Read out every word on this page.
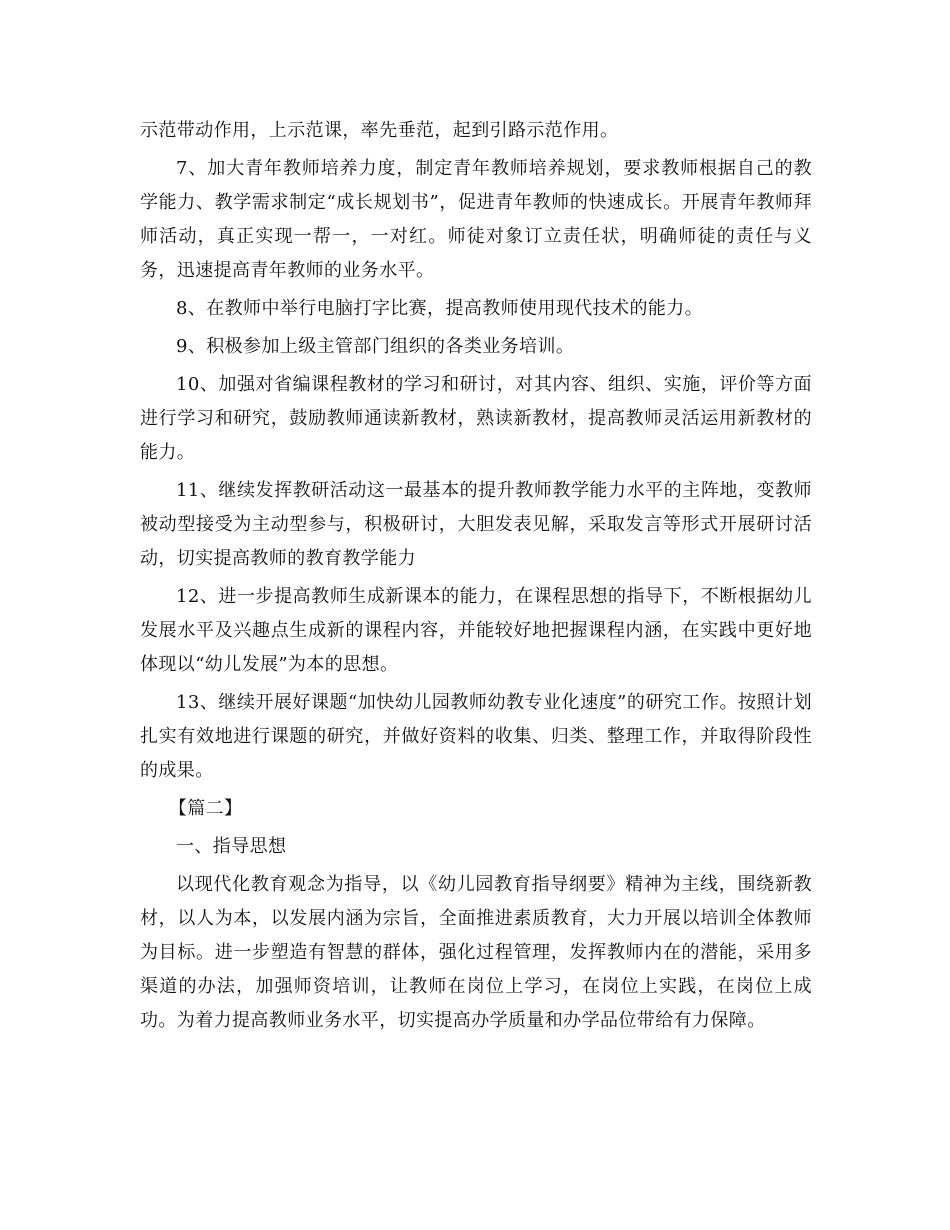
示范带动作用，上示范课，率先垂范，起到引路示范作用。

7、加大青年教师培养力度，制定青年教师培养规划，要求教师根据自己的教学能力、教学需求制定“成长规划书”，促进青年教师的快速成长。开展青年教师拜师活动，真正实现一帮一，一对红。师徒对象订立责任状，明确师徒的责任与义务，迅速提高青年教师的业务水平。

8、在教师中举行电脑打字比赛，提高教师使用现代技术的能力。

9、积极参加上级主管部门组织的各类业务培训。

10、加强对省编课程教材的学习和研讨，对其内容、组织、实施，评价等方面进行学习和研究，鼓励教师通读新教材，熟读新教材，提高教师灵活运用新教材的能力。

11、继续发挥教研活动这一最基本的提升教师教学能力水平的主阵地，变教师被动型接受为主动型参与，积极研讨，大胆发表见解，采取发言等形式开展研讨活动，切实提高教师的教育教学能力

12、进一步提高教师生成新课本的能力，在课程思想的指导下，不断根据幼儿发展水平及兴趣点生成新的课程内容，并能较好地把握课程内涵，在实践中更好地体现以“幼儿发展”为本的思想。

13、继续开展好课题“加快幼儿园教师幼教专业化速度”的研究工作。按照计划扎实有效地进行课题的研究，并做好资料的收集、归类、整理工作，并取得阶段性的成果。

【篇二】

一、指导思想

以现代化教育观念为指导，以《幼儿园教育指导纲要》精神为主线，围绕新教材，以人为本，以发展内涵为宗旨，全面推进素质教育，大力开展以培训全体教师为目标。进一步塑造有智慧的群体，强化过程管理，发挥教师内在的潜能，采用多渠道的办法，加强师资培训，让教师在岗位上学习，在岗位上实践，在岗位上成功。为着力提高教师业务水平，切实提高办学质量和办学品位带给有力保障。
